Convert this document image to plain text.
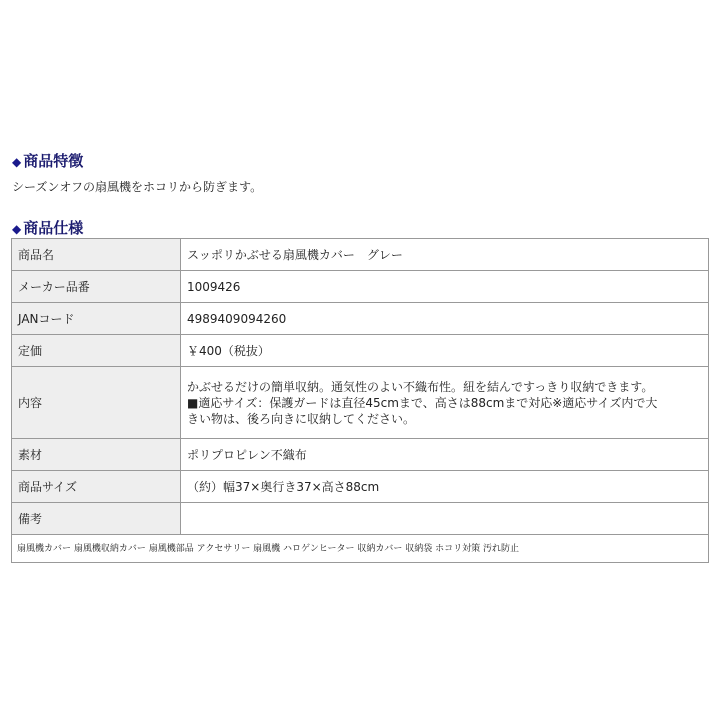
◆ 商品特徴

シーズンオフの扇風機をホコリから防ぎます。

◆ 商品仕様
商品名	スッポリかぶせる扇風機カバー　グレー
メーカー品番	1009426
JANコード	4989409094260
定価	￥400（税抜）
内容	かぶせるだけの簡単収納。通気性のよい不織布性。紐を結んですっきり収納できます。
■適応サイズ：保護ガードは直径45cmまで、高さは88cmまで対応※適応サイズ内で大
きい物は、後ろ向きに収納してください。

素材	ポリプロピレン不織布
商品サイズ	（約）幅37×奥行き37×高さ88cm
備考	
扇風機カバー 扇風機収納カバー 扇風機部品 アクセサリー 扇風機 ハロゲンヒーター 収納カバー 収納袋 ホコリ対策 汚れ防止	
